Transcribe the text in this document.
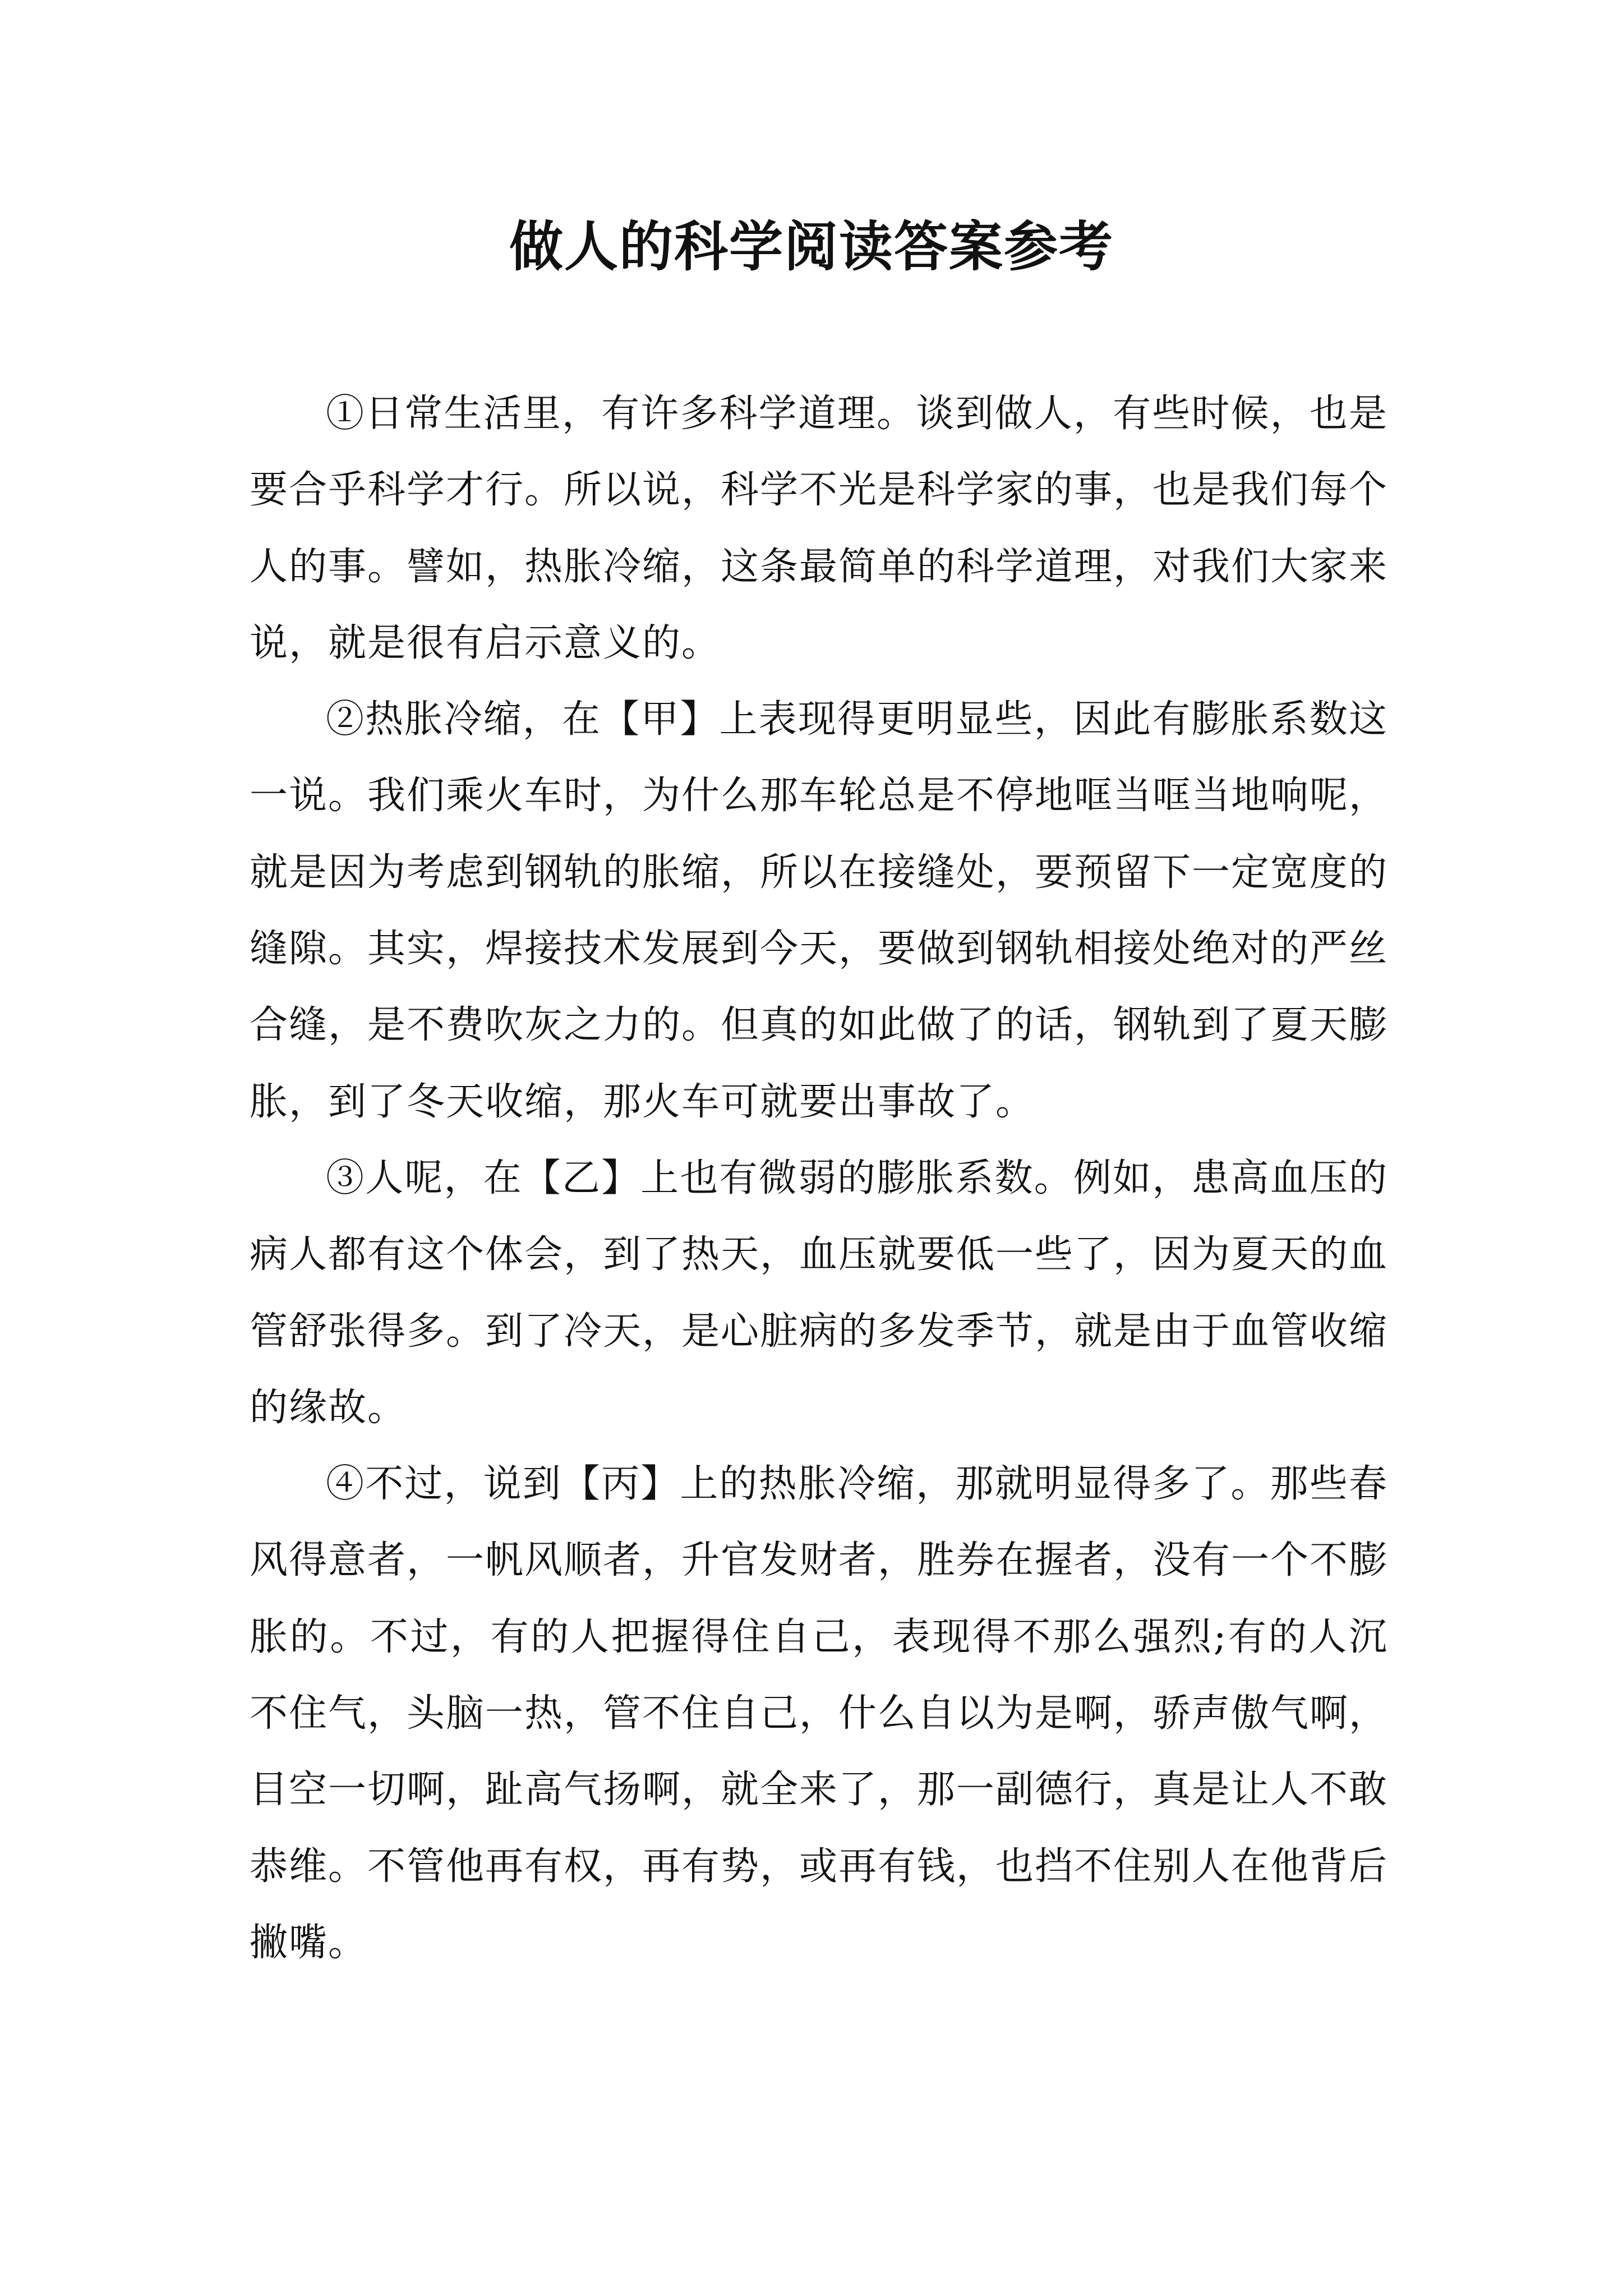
做人的科学阅读答案参考

①日常生活里，有许多科学道理。谈到做人，有些时候，也是要合乎科学才行。所以说，科学不光是科学家的事，也是我们每个人的事。譬如，热胀冷缩，这条最简单的科学道理，对我们大家来说，就是很有启示意义的。

②热胀冷缩，在【甲】上表现得更明显些，因此有膨胀系数这一说。我们乘火车时，为什么那车轮总是不停地哐当哐当地响呢，就是因为考虑到钢轨的胀缩，所以在接缝处，要预留下一定宽度的缝隙。其实，焊接技术发展到今天，要做到钢轨相接处绝对的严丝合缝，是不费吹灰之力的。但真的如此做了的话，钢轨到了夏天膨胀，到了冬天收缩，那火车可就要出事故了。

③人呢，在【乙】上也有微弱的膨胀系数。例如，患高血压的病人都有这个体会，到了热天，血压就要低一些了，因为夏天的血管舒张得多。到了冷天，是心脏病的多发季节，就是由于血管收缩的缘故。

④不过，说到【丙】上的热胀冷缩，那就明显得多了。那些春风得意者，一帆风顺者，升官发财者，胜券在握者，没有一个不膨胀的。不过，有的人把握得住自己，表现得不那么强烈;有的人沉不住气，头脑一热，管不住自己，什么自以为是啊，骄声傲气啊，目空一切啊，趾高气扬啊，就全来了，那一副德行，真是让人不敢恭维。不管他再有权，再有势，或再有钱，也挡不住别人在他背后撇嘴。
